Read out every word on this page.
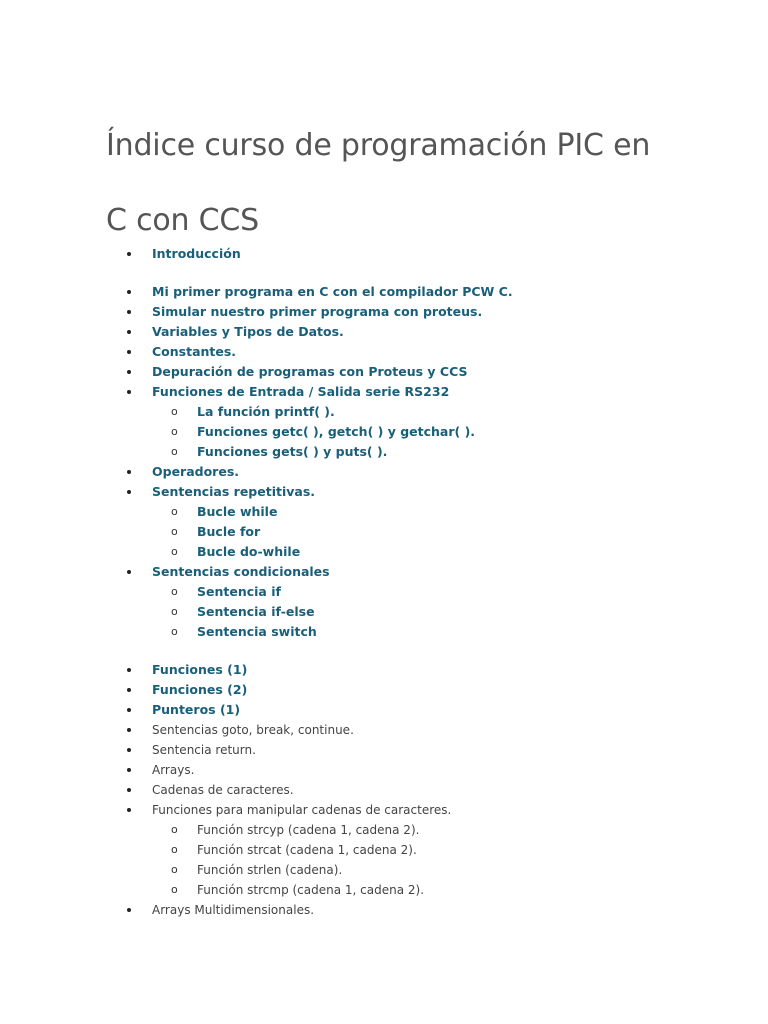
Índice curso de programación PIC en
C con CCS
Introducción
Mi primer programa en C con el compilador PCW C.
Simular nuestro primer programa con proteus.
Variables y Tipos de Datos.
Constantes.
Depuración de programas con Proteus y CCS
Funciones de Entrada / Salida serie RS232
o	La función printf( ).
o	Funciones getc( ), getch( ) y getchar( ).
o	Funciones gets( ) y puts( ).
Operadores.
Sentencias repetitivas.
o	Bucle while
o	Bucle for
o	Bucle do-while
Sentencias condicionales
o	Sentencia if
o	Sentencia if-else
o	Sentencia switch
Funciones (1)
Funciones (2)
Punteros (1)
Sentencias goto, break, continue.
Sentencia return.
Arrays.
Cadenas de caracteres.
Funciones para manipular cadenas de caracteres.
o	Función strcyp (cadena 1, cadena 2).
o	Función strcat (cadena 1, cadena 2).
o	Función strlen (cadena).
o	Función strcmp (cadena 1, cadena 2).
Arrays Multidimensionales.
